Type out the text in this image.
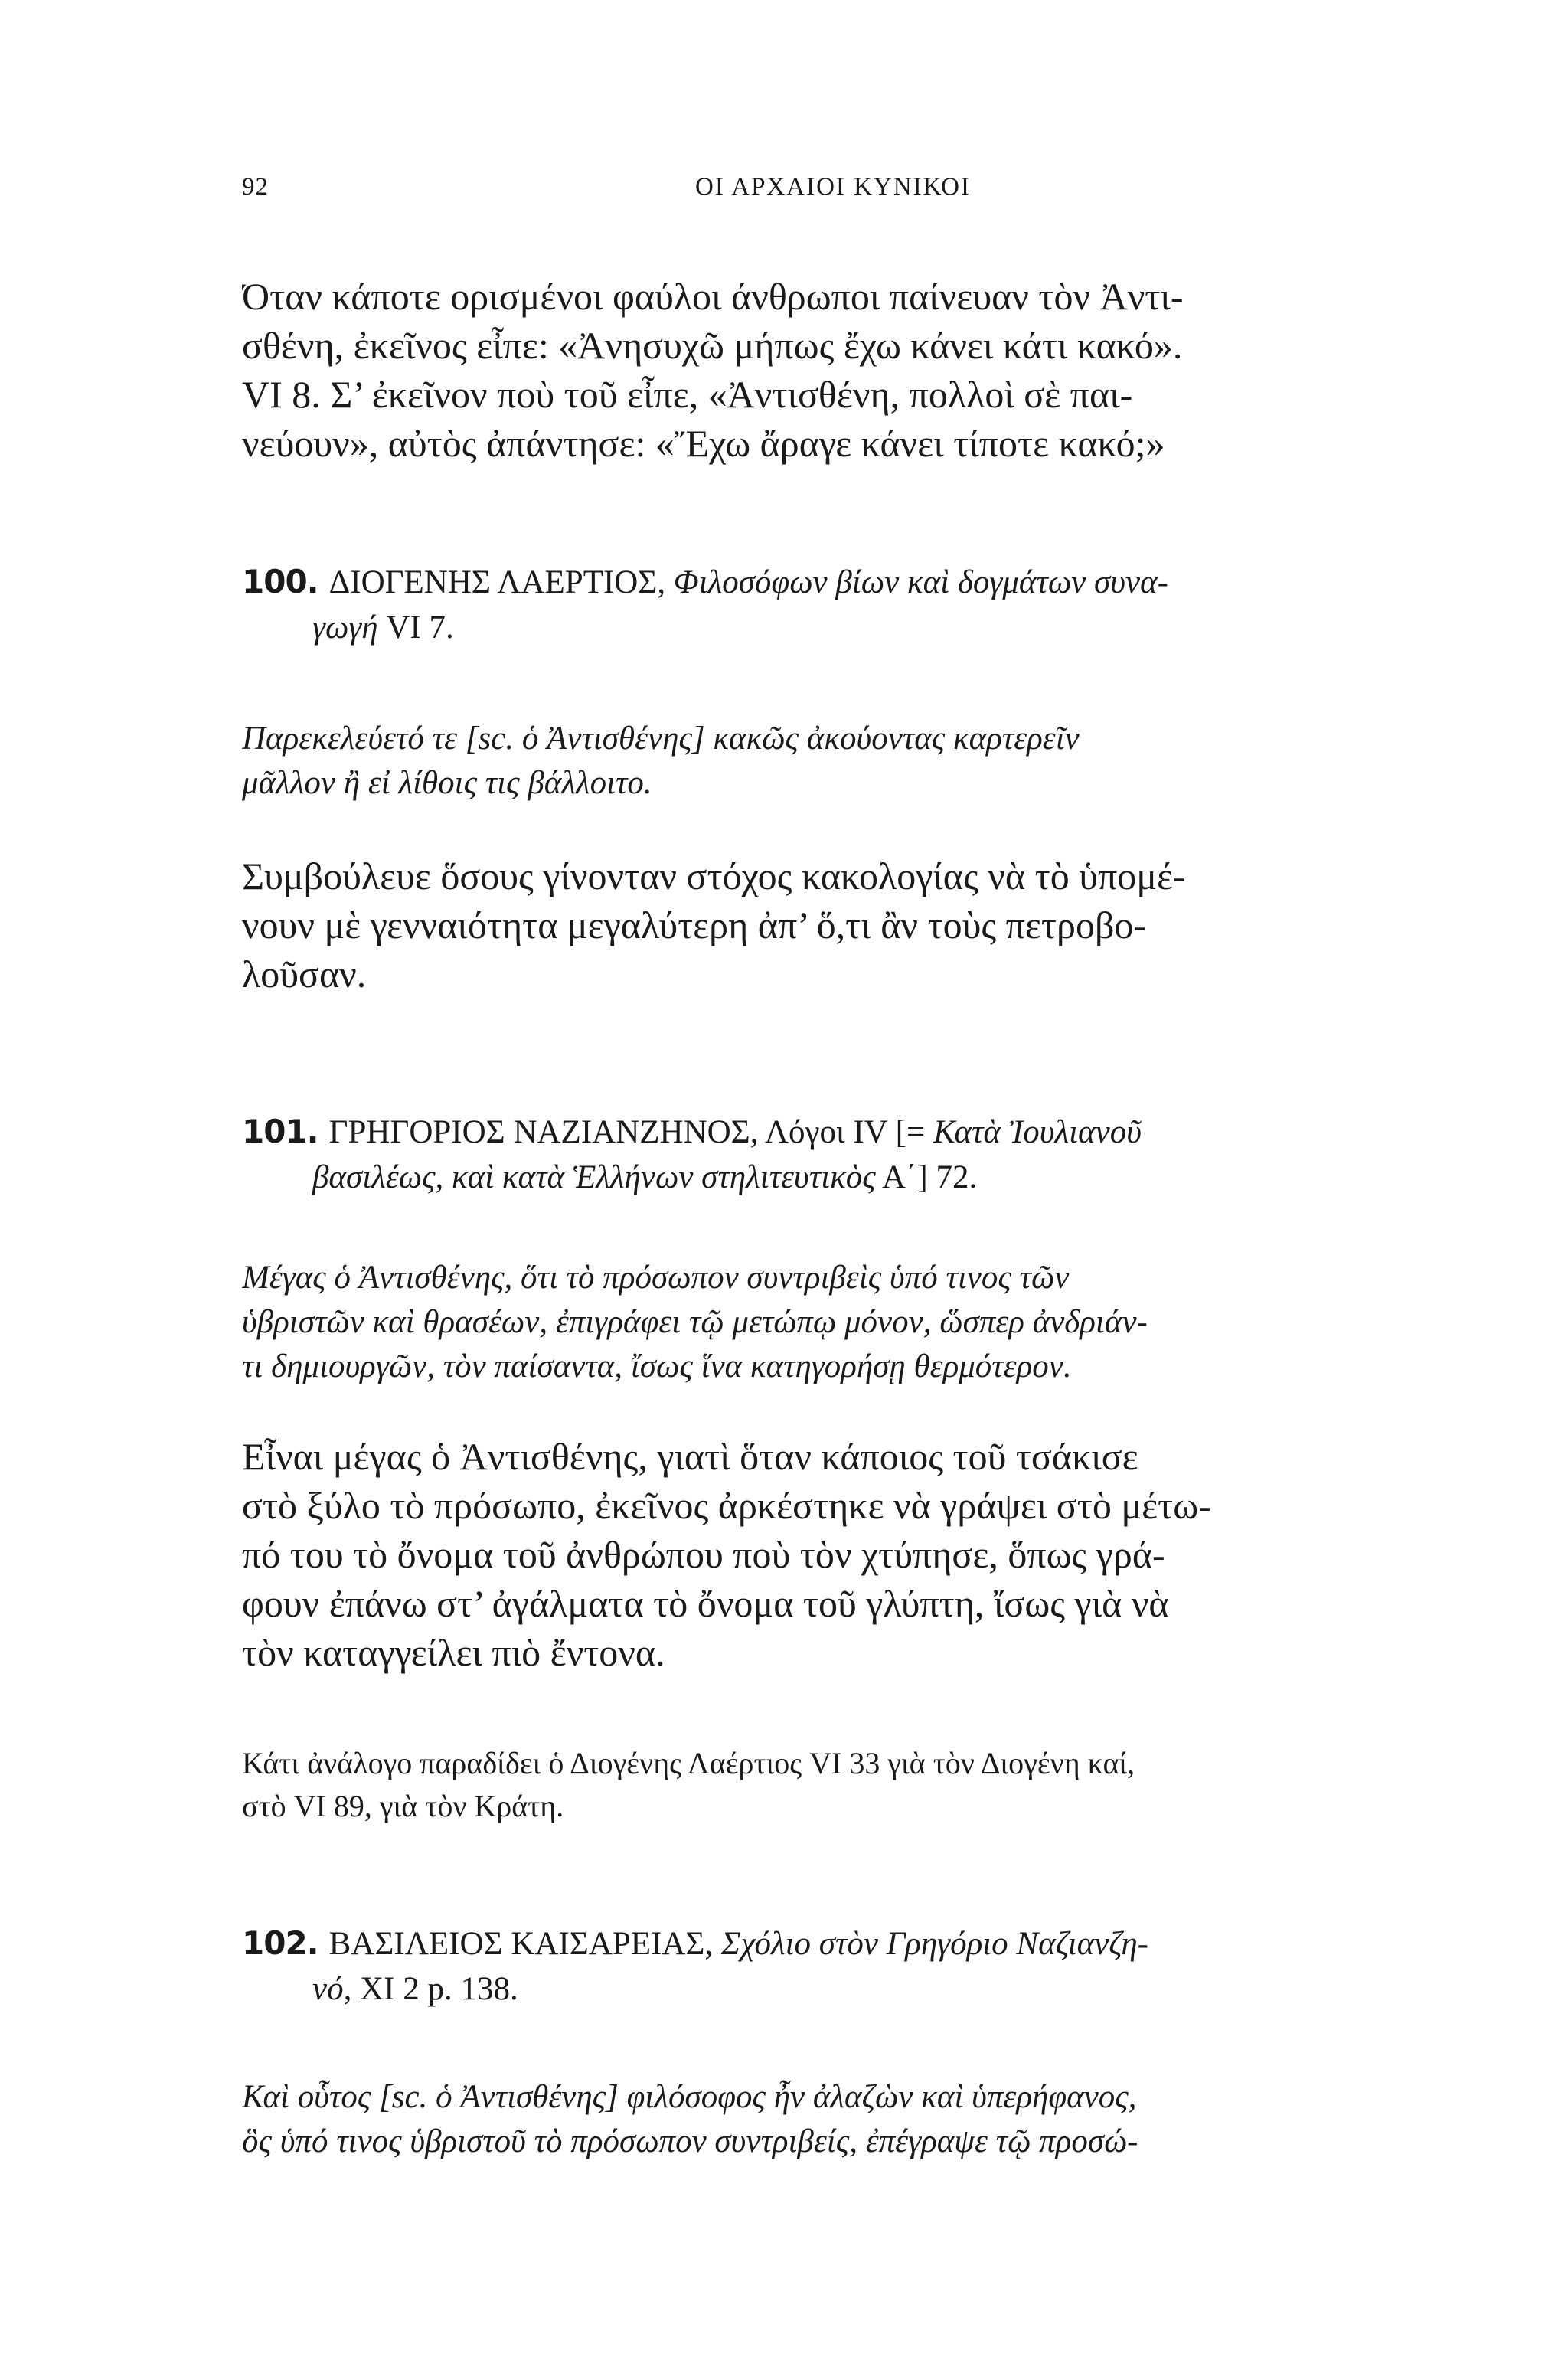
92	ΟΙ ΑΡΧΑΙΟΙ ΚΥΝΙΚΟΙ
Όταν κάποτε ορισμένοι φαύλοι άνθρωποι παίνευαν τὸν Ἀντι-
σθένη, ἐκεῖνος εἶπε: «Ἀνησυχῶ μήπως ἔχω κάνει κάτι κακό».
VI 8. Σ’ ἐκεῖνον ποὺ τοῦ εἶπε, «Ἀντισθένη, πολλοὶ σὲ παι-
νεύουν», αὐτὸς ἀπάντησε: «Ἔχω ἄραγε κάνει τίποτε κακό;»
100. ΔΙΟΓΕΝΗΣ ΛΑΕΡΤΙΟΣ, Φιλοσόφων βίων καὶ δογμάτων συνα-
γωγή VI 7.
Παρεκελεύετό τε [sc. ὁ Ἀντισθένης] κακῶς ἀκούοντας καρτερεῖν
μᾶλλον ἢ εἰ λίθοις τις βάλλοιτο.
Συμβούλευε ὅσους γίνονταν στόχος κακολογίας νὰ τὸ ὑπομέ-
νουν μὲ γενναιότητα μεγαλύτερη ἀπ’ ὅ,τι ἂν τοὺς πετροβο-
λοῦσαν.
101. ΓΡΗΓΟΡΙΟΣ ΝΑΖΙΑΝΖΗΝΟΣ, Λόγοι IV [= Κατὰ Ἰουλιανοῦ
βασιλέως, καὶ κατὰ Ἑλλήνων στηλιτευτικὸς Α΄] 72.
Μέγας ὁ Ἀντισθένης, ὅτι τὸ πρόσωπον συντριβεὶς ὑπό τινος τῶν
ὑβριστῶν καὶ θρασέων, ἐπιγράφει τῷ μετώπῳ μόνον, ὥσπερ ἀνδριάν-
τι δημιουργῶν, τὸν παίσαντα, ἴσως ἵνα κατηγορήσῃ θερμότερον.
Εἶναι μέγας ὁ Ἀντισθένης, γιατὶ ὅταν κάποιος τοῦ τσάκισε
στὸ ξύλο τὸ πρόσωπο, ἐκεῖνος ἀρκέστηκε νὰ γράψει στὸ μέτω-
πό του τὸ ὄνομα τοῦ ἀνθρώπου ποὺ τὸν χτύπησε, ὅπως γρά-
φουν ἐπάνω στ’ ἀγάλματα τὸ ὄνομα τοῦ γλύπτη, ἴσως γιὰ νὰ
τὸν καταγγείλει πιὸ ἔντονα.
Κάτι ἀνάλογο παραδίδει ὁ Διογένης Λαέρτιος VI 33 γιὰ τὸν Διογένη καί,
στὸ VI 89, γιὰ τὸν Κράτη.
102. ΒΑΣΙΛΕΙΟΣ ΚΑΙΣΑΡΕΙΑΣ, Σχόλιο στὸν Γρηγόριο Ναζιανζη-
νό, XI 2 p. 138.
Καὶ οὗτος [sc. ὁ Ἀντισθένης] φιλόσοφος ἦν ἀλαζὼν καὶ ὑπερήφανος,
ὃς ὑπό τινος ὑβριστοῦ τὸ πρόσωπον συντριβείς, ἐπέγραψε τῷ προσώ-
